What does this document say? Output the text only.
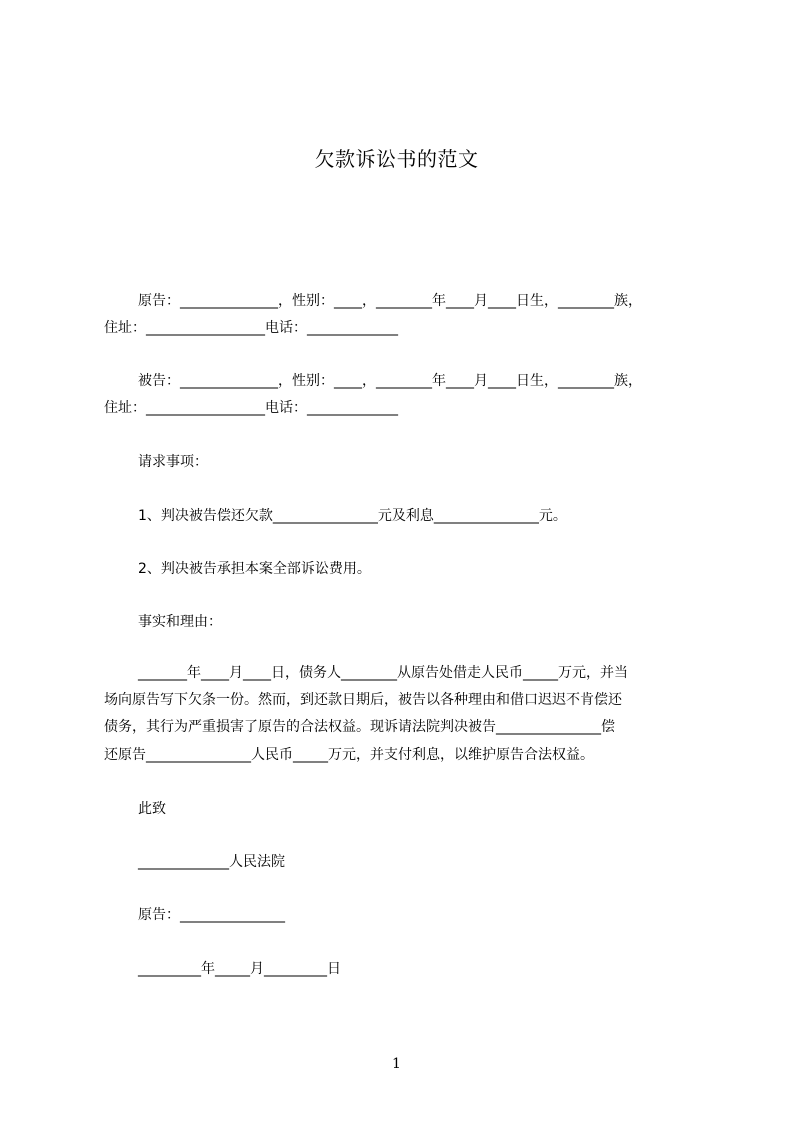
欠款诉讼书的范文
原告：______________，性别：____，________年____月____日生，________族，
住址：_________________电话：_____________
被告：______________，性别：____，________年____月____日生，________族，
住址：_________________电话：_____________
请求事项：
1、判决被告偿还欠款_______________元及利息_______________元。
2、判决被告承担本案全部诉讼费用。
事实和理由：
_______年____月____日，债务人________从原告处借走人民币_____万元，并当
场向原告写下欠条一份。然而，到还款日期后，被告以各种理由和借口迟迟不肯偿还
债务，其行为严重损害了原告的合法权益。现诉请法院判决被告_______________偿
还原告_______________人民币_____万元，并支付利息，以维护原告合法权益。
此致
_____________人民法院
原告：_______________
_________年_____月_________日
1
